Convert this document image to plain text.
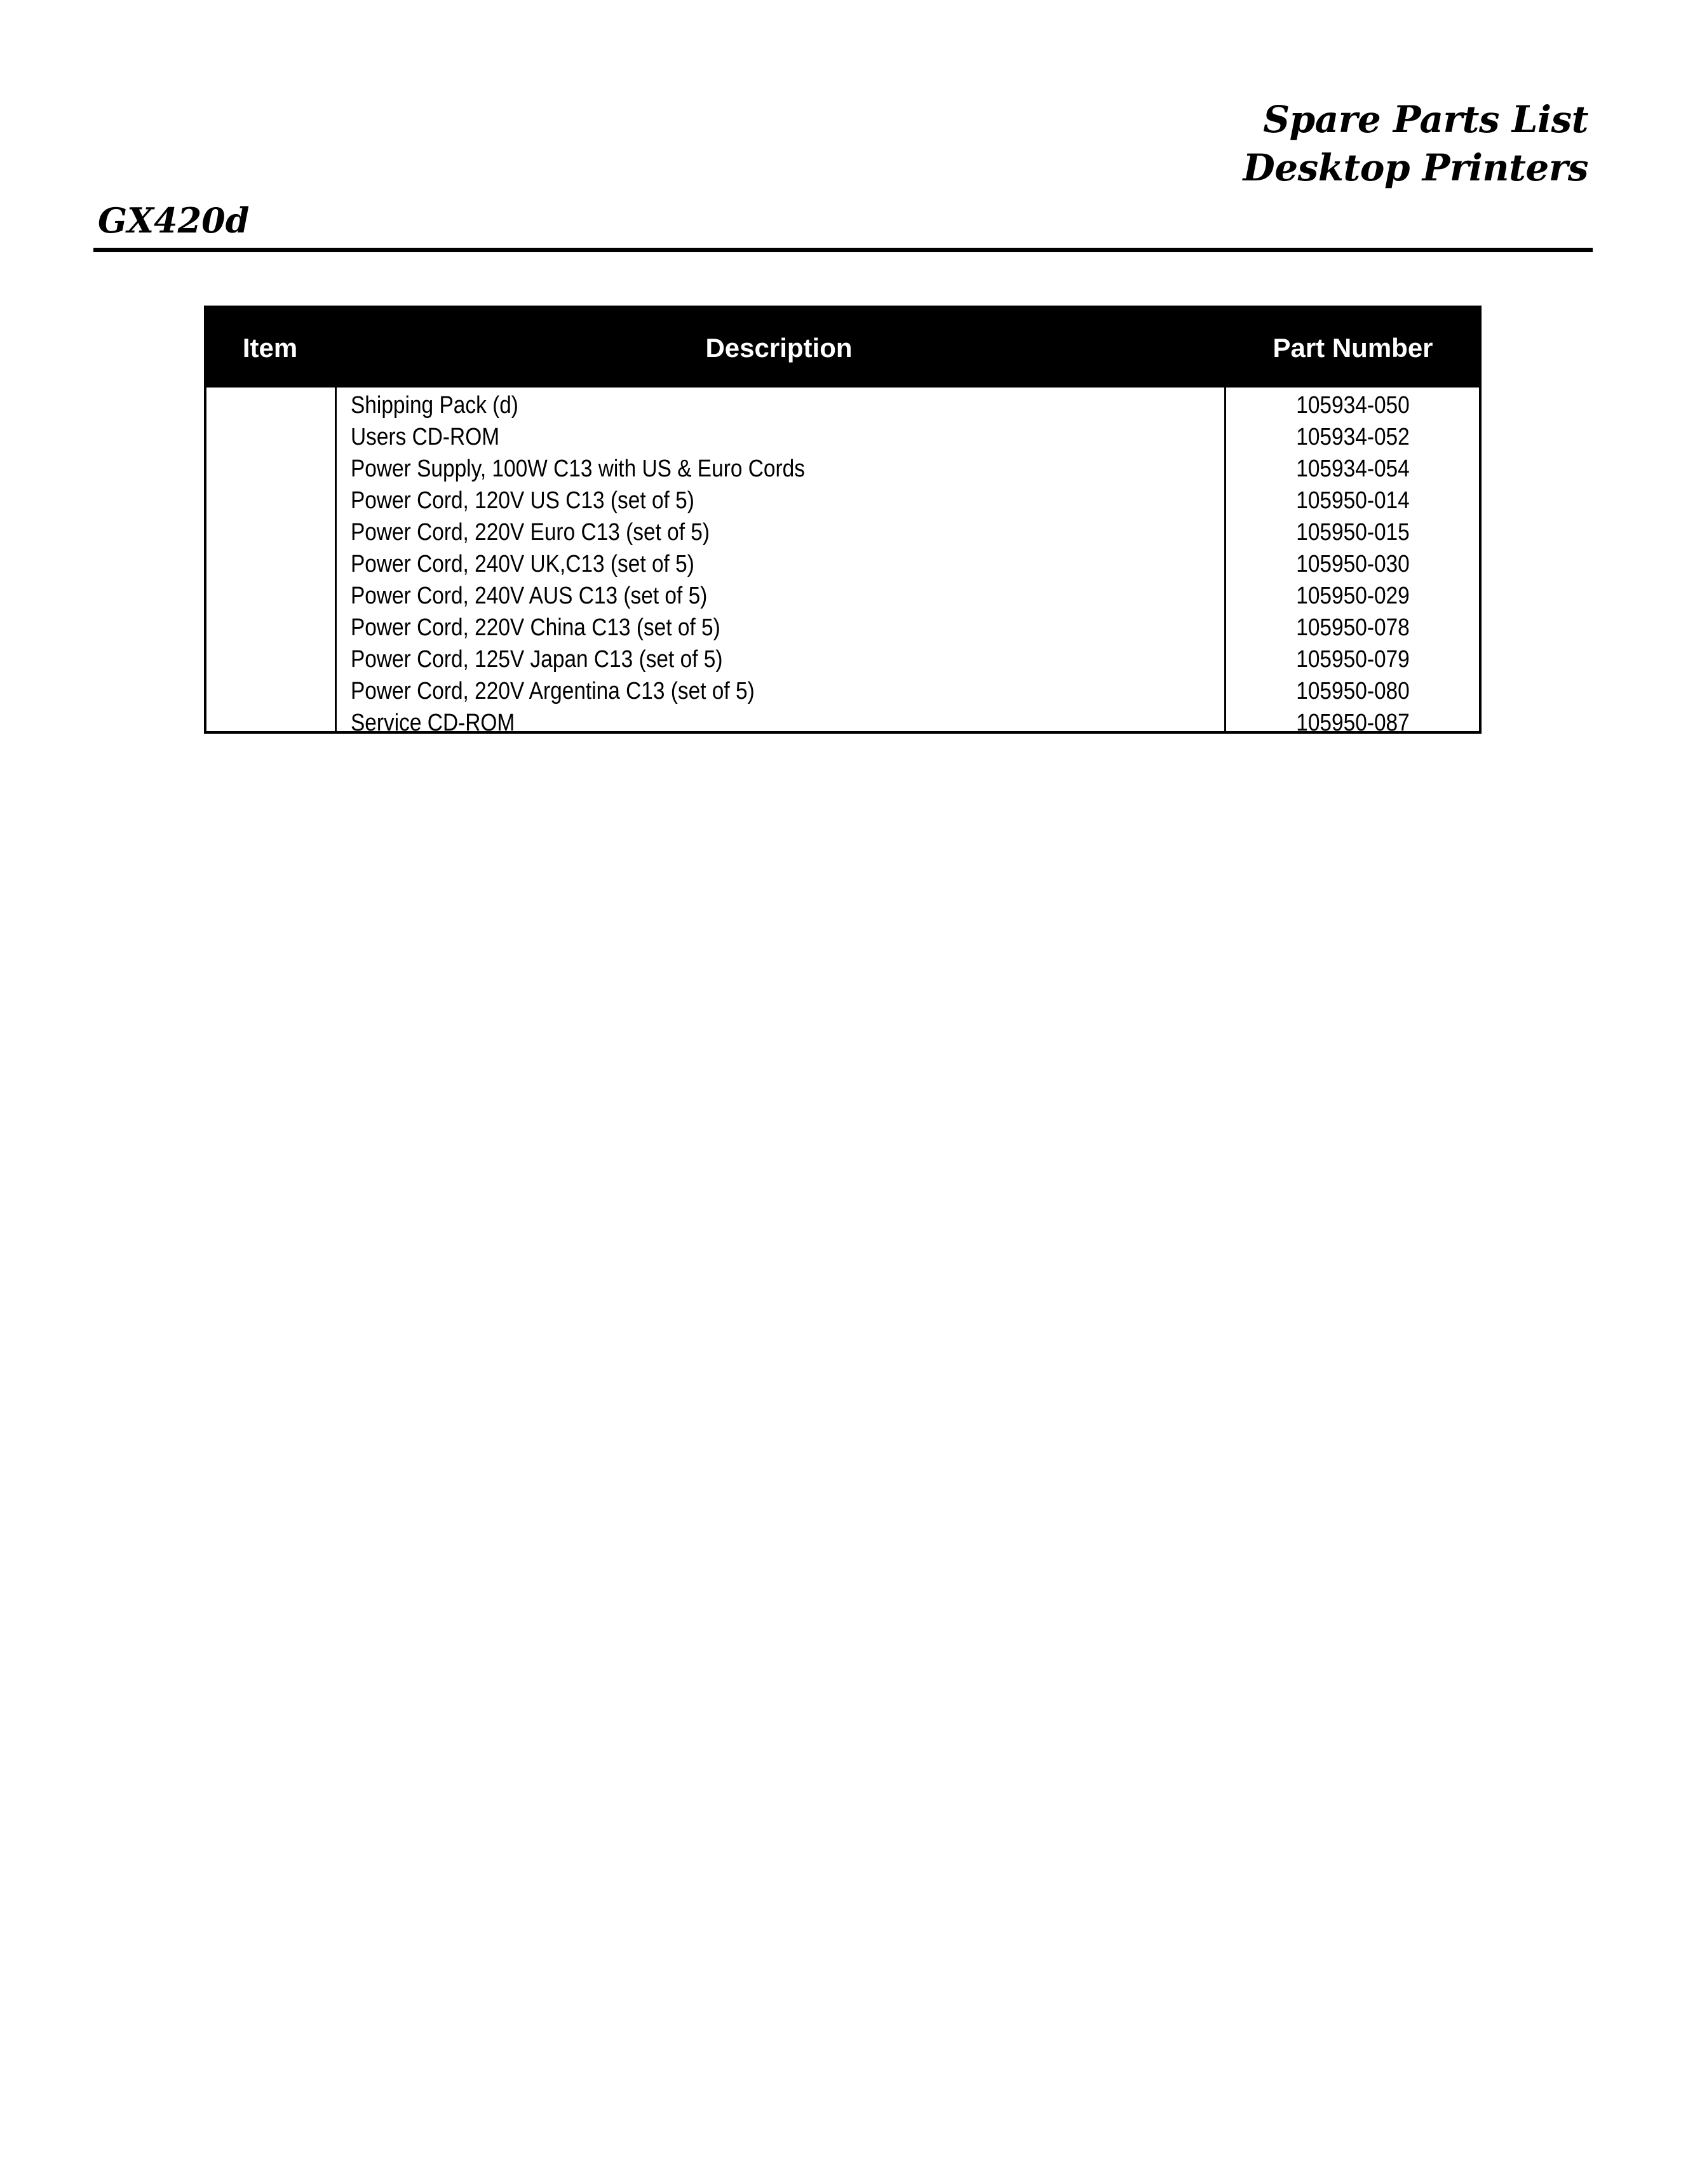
Spare Parts List
Desktop Printers
GX420d
Item	Description	Part Number
Shipping Pack (d)	105934-050
Users CD-ROM	105934-052
Power Supply, 100W C13 with US & Euro Cords	105934-054
Power Cord, 120V US C13 (set of 5)	105950-014
Power Cord, 220V Euro C13 (set of 5)	105950-015
Power Cord, 240V UK,C13 (set of 5)	105950-030
Power Cord, 240V AUS C13 (set of 5)	105950-029
Power Cord, 220V China C13 (set of 5)	105950-078
Power Cord, 125V Japan C13 (set of 5)	105950-079
Power Cord, 220V Argentina C13 (set of 5)	105950-080
Service CD-ROM	105950-087
